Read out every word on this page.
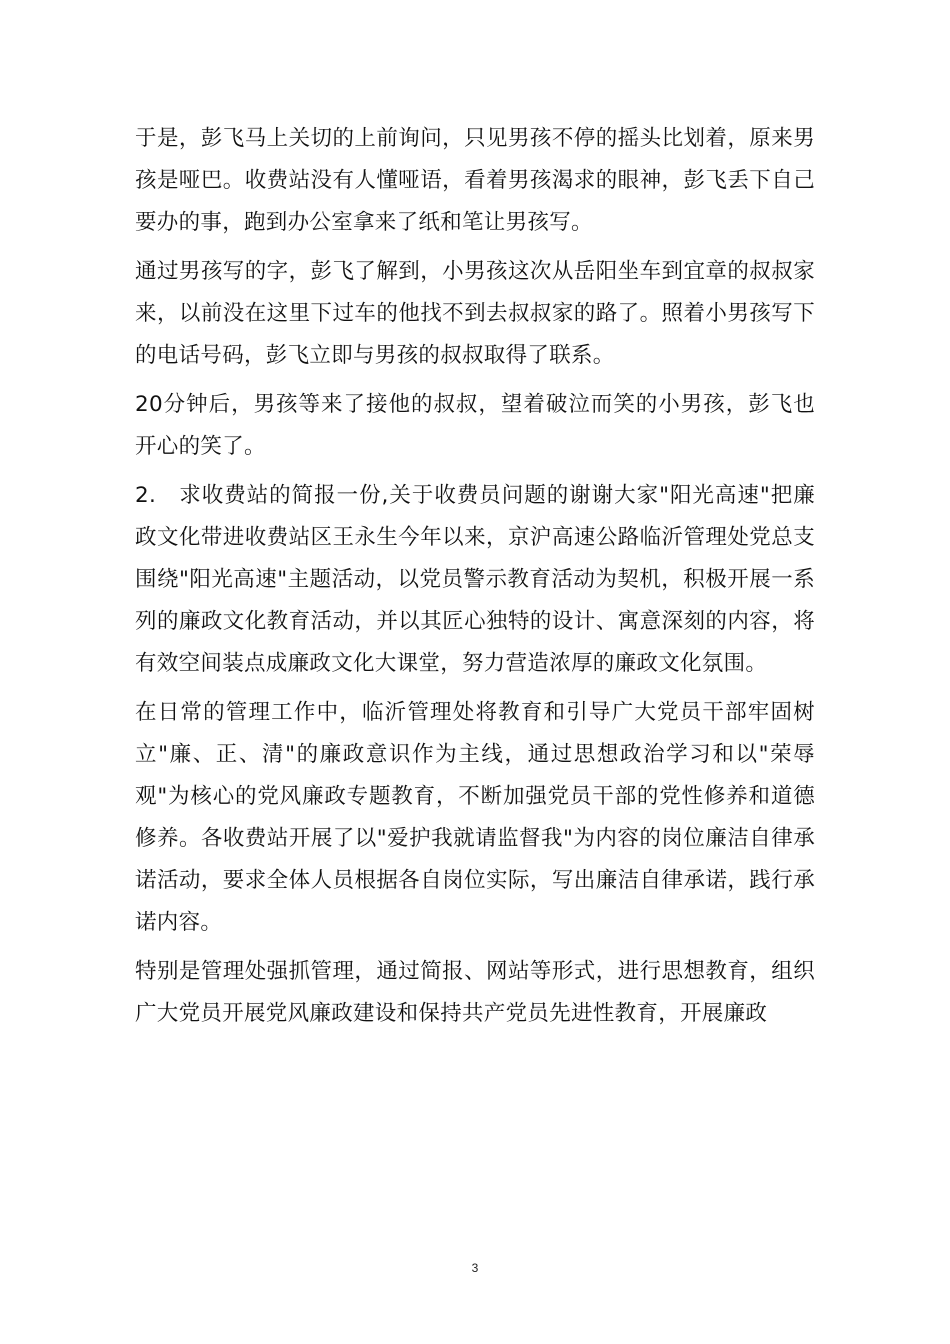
于是，彭飞马上关切的上前询问，只见男孩不停的摇头比划着，原来男孩是哑巴。收费站没有人懂哑语，看着男孩渴求的眼神，彭飞丢下自己要办的事，跑到办公室拿来了纸和笔让男孩写。

通过男孩写的字，彭飞了解到，小男孩这次从岳阳坐车到宜章的叔叔家来，以前没在这里下过车的他找不到去叔叔家的路了。照着小男孩写下的电话号码，彭飞立即与男孩的叔叔取得了联系。

20分钟后，男孩等来了接他的叔叔，望着破泣而笑的小男孩，彭飞也开心的笑了。

2.　求收费站的简报一份,关于收费员问题的谢谢大家"阳光高速"把廉政文化带进收费站区王永生今年以来，京沪高速公路临沂管理处党总支围绕"阳光高速"主题活动，以党员警示教育活动为契机，积极开展一系列的廉政文化教育活动，并以其匠心独特的设计、寓意深刻的内容，将有效空间装点成廉政文化大课堂，努力营造浓厚的廉政文化氛围。

在日常的管理工作中，临沂管理处将教育和引导广大党员干部牢固树立"廉、正、清"的廉政意识作为主线，通过思想政治学习和以"荣辱观"为核心的党风廉政专题教育，不断加强党员干部的党性修养和道德修养。各收费站开展了以"爱护我就请监督我"为内容的岗位廉洁自律承诺活动，要求全体人员根据各自岗位实际，写出廉洁自律承诺，践行承诺内容。

特别是管理处强抓管理，通过简报、网站等形式，进行思想教育，组织广大党员开展党风廉政建设和保持共产党员先进性教育，开展廉政

3
